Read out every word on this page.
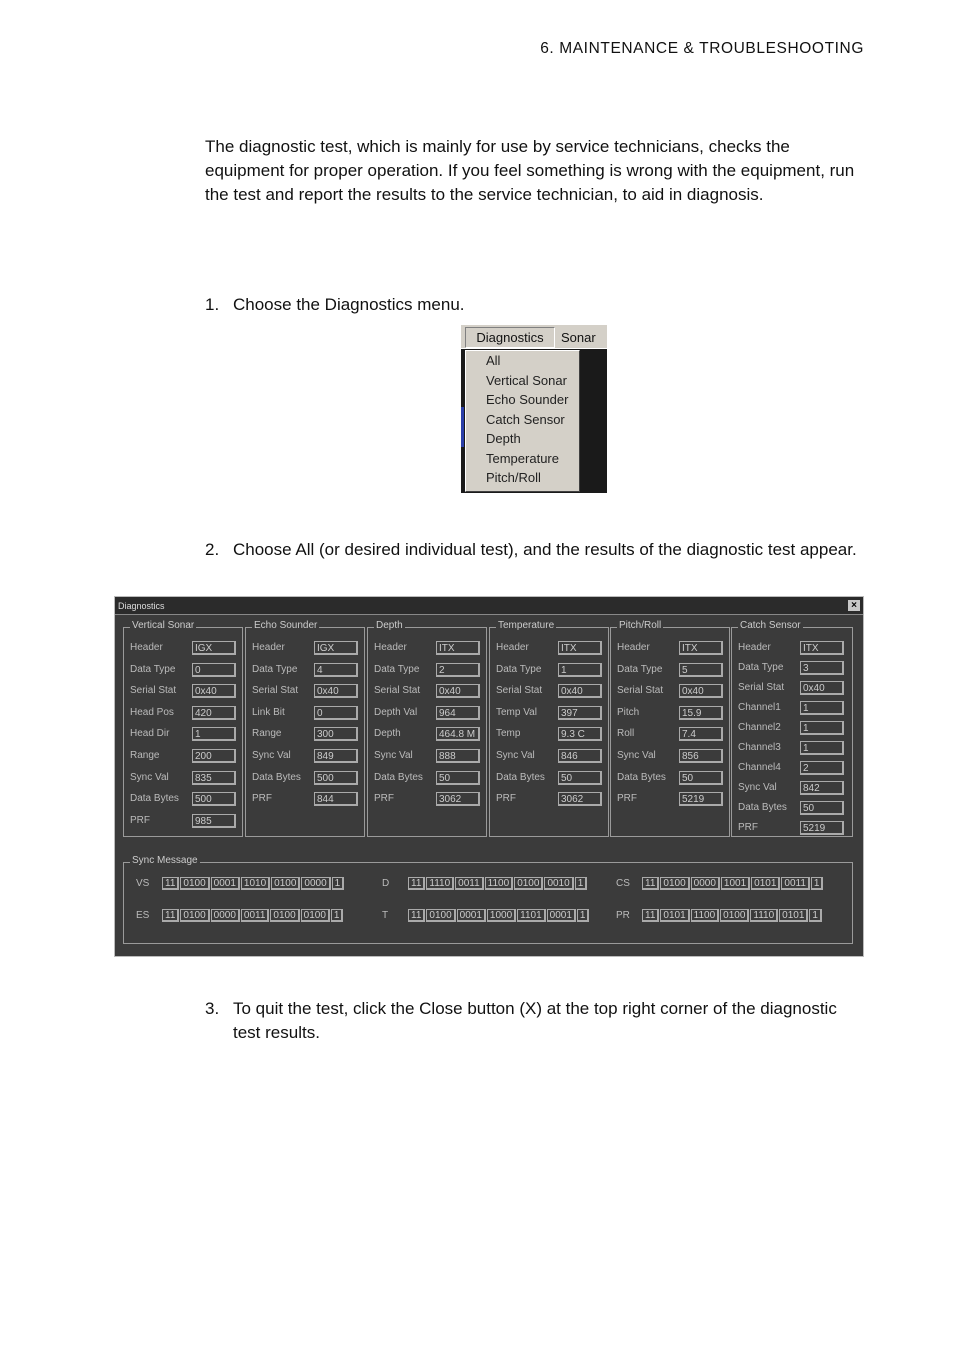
6. MAINTENANCE & TROUBLESHOOTING
The diagnostic test, which is mainly for use by service technicians, checks the equipment for proper operation. If you feel something is wrong with the equipment, run the test and report the results to the service technician, to aid in diagnosis.
1. Choose the Diagnostics menu.
Diagnostics	Sonar
All
Vertical Sonar
Echo Sounder
Catch Sensor
Depth
Temperature
Pitch/Roll
2. Choose All (or desired individual test), and the results of the diagnostic test appear.
Diagnostics	×
Vertical Sonar
Header	IGX
Data Type	0
Serial Stat	0x40
Head Pos	420
Head Dir	1
Range	200
Sync Val	835
Data Bytes	500
PRF	985
Echo Sounder
Header	IGX
Data Type	4
Serial Stat	0x40
Link Bit	0
Range	300
Sync Val	849
Data Bytes	500
PRF	844
Depth
Header	ITX
Data Type	2
Serial Stat	0x40
Depth Val	964
Depth	464.8 M
Sync Val	888
Data Bytes	50
PRF	3062
Temperature
Header	ITX
Data Type	1
Serial Stat	0x40
Temp Val	397
Temp	9.3 C
Sync Val	846
Data Bytes	50
PRF	3062
Pitch/Roll
Header	ITX
Data Type	5
Serial Stat	0x40
Pitch	15.9
Roll	7.4
Sync Val	856
Data Bytes	50
PRF	5219
Catch Sensor
Header	ITX
Data Type	3
Serial Stat	0x40
Channel1	1
Channel2	1
Channel3	1
Channel4	2
Sync Val	842
Data Bytes	50
PRF	5219
Sync Message
VS	11 0100 0001 1010 0100 0000 1	D	11 1110 0011 1100 0100 0010 1	CS	11 0100 0000 1001 0101 0011 1
ES	11 0100 0000 0011 0100 0100 1	T	11 0100 0001 1000 1101 0001 1	PR	11 0101 1100 0100 1110 0101 1
3. To quit the test, click the Close button (X) at the top right corner of the diagnostic test results.
